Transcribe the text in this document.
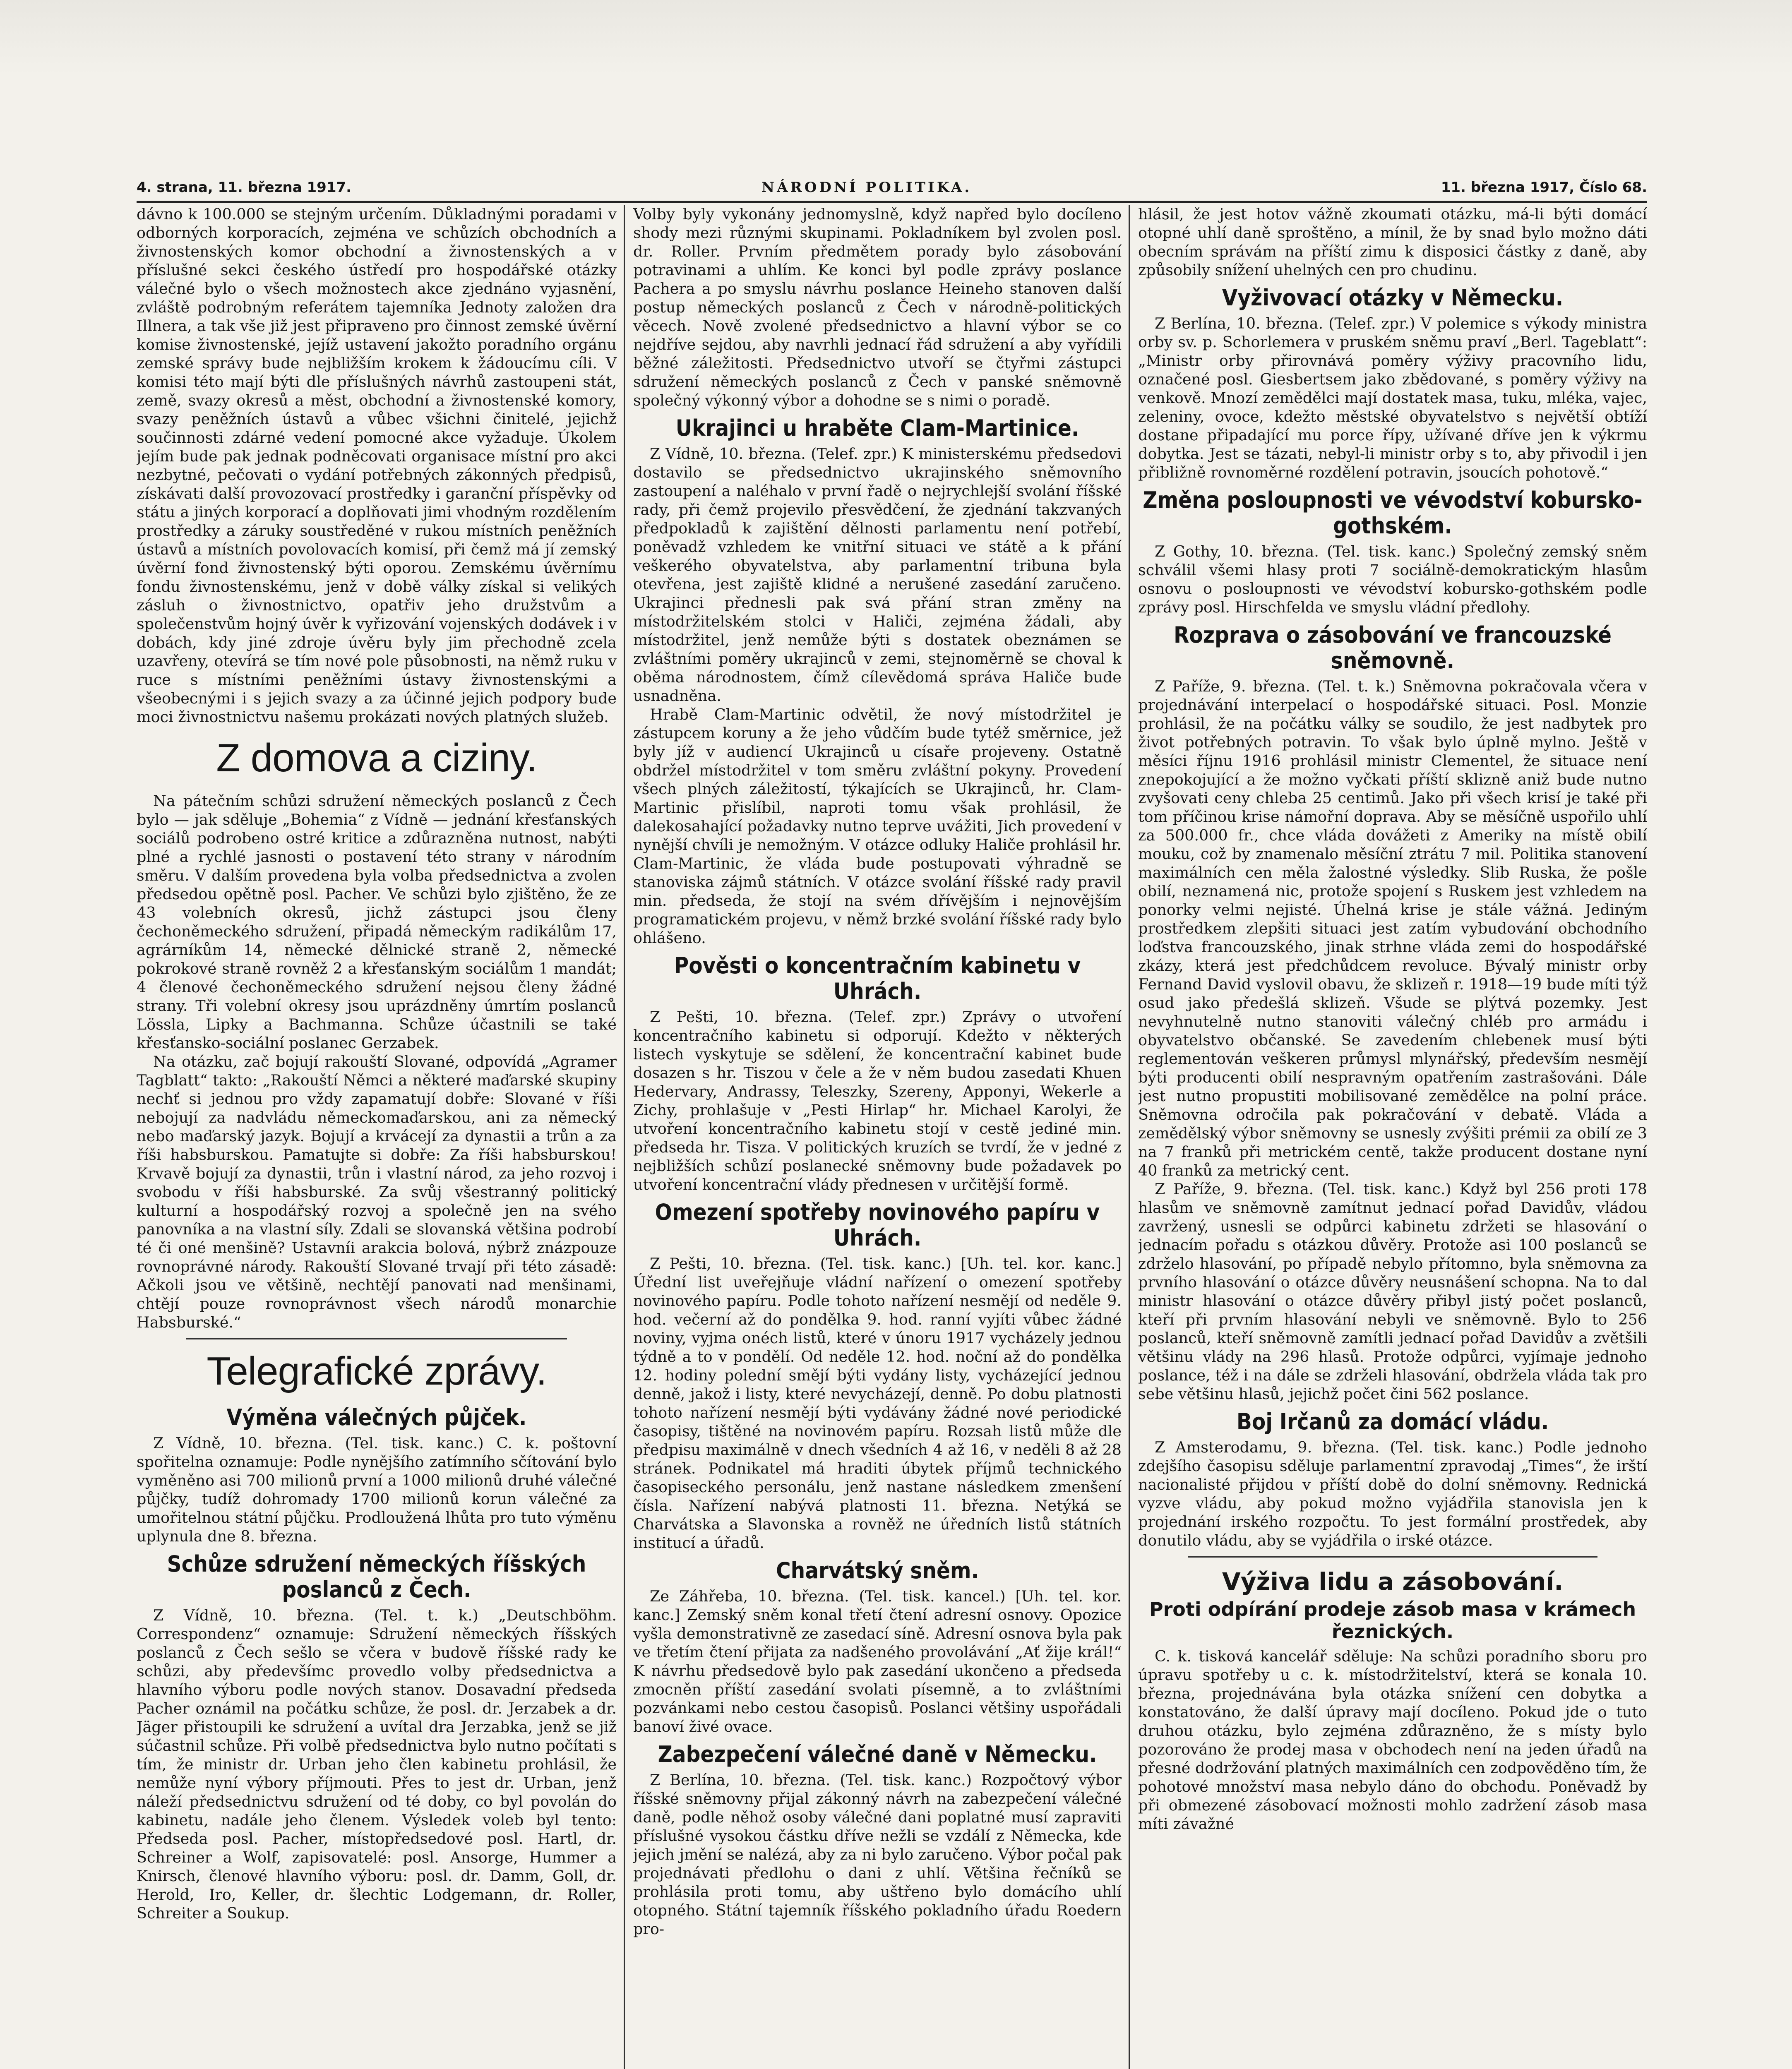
4. strana, 11. března 1917.	NÁRODNÍ POLITIKA.	11. března 1917, Číslo 68.

dávno k 100.000 se stejným určením. Důkladnými poradami v odborných korporacích, zejména ve schůzích obchodních a živnostenských komor obchodní a živnostenských a v příslušné sekci českého ústředí pro hospodářské otázky válečné bylo o všech možnostech akce zjednáno vyjasnění, zvláště podrobným referátem tajemníka Jednoty založen dra Illnera, a tak vše již jest připraveno pro činnost zemské úvěrní komise živnostenské, jejíž ustavení jakožto poradního orgánu zemské správy bude nejbližším krokem k žádoucímu cíli. V komisi této mají býti dle příslušných návrhů zastoupeni stát, země, svazy okresů a měst, obchodní a živnostenské komory, svazy peněžních ústavů a vůbec všichni činitelé, jejichž součinnosti zdárné vedení pomocné akce vyžaduje. Úkolem jejím bude pak jednak podněcovati organisace místní pro akci nezbytné, pečovati o vydání potřebných zákonných předpisů, získávati další provozovací prostředky i garanční příspěvky od státu a jiných korporací a doplňovati jimi vhodným rozdělením prostředky a záruky soustředěné v rukou místních peněžních ústavů a místních povolovacích komisí, při čemž má jí zemský úvěrní fond živnostenský býti oporou. Zemskému úvěrnímu fondu živnostenskému, jenž v době války získal si velikých zásluh o živnostnictvo, opatřiv jeho družstvům a společenstvům hojný úvěr k vyřizování vojenských dodávek i v dobách, kdy jiné zdroje úvěru byly jim přechodně zcela uzavřeny, otevírá se tím nové pole působnosti, na němž ruku v ruce s místními peněžními ústavy živnostenskými a všeobecnými i s jejich svazy a za účinné jejich podpory bude moci živnostnictvu našemu prokázati nových platných služeb.

Z domova a ciziny.

Na pátečním schůzi sdružení německých poslanců z Čech bylo — jak sděluje „Bohemia“ z Vídně — jednání křesťanských sociálů podrobeno ostré kritice a zdůrazněna nutnost, nabýti plné a rychlé jasnosti o postavení této strany v národním směru. V dalším provedena byla volba předsednictva a zvolen předsedou opětně posl. Pacher. Ve schůzi bylo zjištěno, že ze 43 volebních okresů, jichž zástupci jsou členy čechoněmeckého sdružení, připadá německým radikálům 17, agrárníkům 14, německé dělnické straně 2, německé pokrokové straně rovněž 2 a křesťanským sociálům 1 mandát; 4 členové čechoněmeckého sdružení nejsou členy žádné strany. Tři volební okresy jsou uprázdněny úmrtím poslanců Lössla, Lipky a Bachmanna. Schůze účastnili se také křesťansko-sociální poslanec Gerzabek.

Na otázku, zač bojují rakouští Slované, odpovídá „Agramer Tagblatt“ takto: „Rakouští Němci a některé maďarské skupiny nechť si jednou pro vždy zapamatují dobře: Slované v říši nebojují za nadvládu německomaďarskou, ani za německý nebo maďarský jazyk. Bojují a krvácejí za dynastii a trůn a za říši habsburskou. Pamatujte si dobře: Za říši habsburskou! Krvavě bojují za dynastii, trůn i vlastní národ, za jeho rozvoj i svobodu v říši habsburské. Za svůj všestranný politický kulturní a hospodářský rozvoj a společně jen na svého panovníka a na vlastní síly. Zdali se slovanská většina podrobí té či oné menšině? Ustavníi arakcia bolová, nýbrž znázpouze rovnoprávné národy. Rakouští Slované trvají při této zásadě: Ačkoli jsou ve většině, nechtějí panovati nad menšinami, chtějí pouze rovnoprávnost všech národů monarchie Habsburské.“

Telegrafické zprávy.
Výměna válečných půjček.

Z Vídně, 10. března. (Tel. tisk. kanc.) C. k. poštovní spořitelna oznamuje: Podle nynějšího zatímního sčítování bylo vyměněno asi 700 milionů první a 1000 milionů druhé válečné půjčky, tudíž dohromady 1700 milionů korun válečné za umořitelnou státní půjčku. Prodloužená lhůta pro tuto výměnu uplynula dne 8. března.

Schůze sdružení německých říšských poslanců z Čech.

Z Vídně, 10. března. (Tel. t. k.) „Deutschböhm. Correspondenz“ oznamuje: Sdružení německých říšských poslanců z Čech sešlo se včera v budově říšské rady ke schůzi, aby předevšímc provedlo volby předsednictva a hlavního výboru podle nových stanov. Dosavadní předseda Pacher oznámil na počátku schůze, že posl. dr. Jerzabek a dr. Jäger přistoupili ke sdružení a uvítal dra Jerzabka, jenž se již súčastnil schůze. Při volbě předsednictva bylo nutno počítati s tím, že ministr dr. Urban jeho člen kabinetu prohlásil, že nemůže nyní výbory příjmouti. Přes to jest dr. Urban, jenž náleží předsednictvu sdružení od té doby, co byl povolán do kabinetu, nadále jeho členem. Výsledek voleb byl tento: Předseda posl. Pacher, místopředsedové posl. Hartl, dr. Schreiner a Wolf, zapisovatelé: posl. Ansorge, Hummer a Knirsch, členové hlavního výboru: posl. dr. Damm, Goll, dr. Herold, Iro, Keller, dr. šlechtic Lodgemann, dr. Roller, Schreiter a Soukup.

Volby byly vykonány jednomyslně, když napřed bylo docíleno shody mezi různými skupinami. Pokladníkem byl zvolen posl. dr. Roller. Prvním předmětem porady bylo zásobování potravinami a uhlím. Ke konci byl podle zprávy poslance Pachera a po smyslu návrhu poslance Heineho stanoven další postup německých poslanců z Čech v národně-politických věcech. Nově zvolené předsednictvo a hlavní výbor se co nejdříve sejdou, aby navrhli jednací řád sdružení a aby vyřídili běžné záležitosti. Předsednictvo utvoří se čtyřmi zástupci sdružení německých poslanců z Čech v panské sněmovně společný výkonný výbor a dohodne se s nimi o poradě.

Ukrajinci u hraběte Clam-Martinice.

Z Vídně, 10. března. (Telef. zpr.) K ministerskému předsedovi dostavilo se předsednictvo ukrajinského sněmovního zastoupení a naléhalo v první řadě o nejrychlejší svolání říšské rady, při čemž projevilo přesvědčení, že zjednání takzvaných předpokladů k zajištění dělnosti parlamentu není potřebí, poněvadž vzhledem ke vnitřní situaci ve státě a k přání veškerého obyvatelstva, aby parlamentní tribuna byla otevřena, jest zajiště klidné a nerušené zasedání zaručeno. Ukrajinci přednesli pak svá přání stran změny na místodržitelském stolci v Haliči, zejména žádali, aby místodržitel, jenž nemůže býti s dostatek obeznámen se zvláštními poměry ukrajinců v zemi, stejnoměrně se choval k oběma národnostem, čímž cílevědomá správa Haliče bude usnadněna.

Hrabě Clam-Martinic odvětil, že nový místodržitel je zástupcem koruny a že jeho vůdčím bude tytéž směrnice, jež byly jíž v audiencí Ukrajinců u císaře projeveny. Ostatně obdržel místodržitel v tom směru zvláštní pokyny. Provedení všech plných záležitostí, týkajících se Ukrajinců, hr. Clam-Martinic přislíbil, naproti tomu však prohlásil, že dalekosahající požadavky nutno teprve uvážiti, Jich provedení v nynější chvíli je nemožným. V otázce odluky Haliče prohlásil hr. Clam-Martinic, že vláda bude postupovati výhradně se stanoviska zájmů státních. V otázce svolání říšské rady pravil min. předseda, že stojí na svém dřívějším i nejnovějším programatickém projevu, v němž brzké svolání říšské rady bylo ohlášeno.

Pověsti o koncentračním kabinetu v Uhrách.

Z Pešti, 10. března. (Telef. zpr.) Zprávy o utvoření koncentračního kabinetu si odporují. Kdežto v některých listech vyskytuje se sdělení, že koncentrační kabinet bude dosazen s hr. Tiszou v čele a že v něm budou zasedati Khuen Hedervary, Andrassy, Teleszky, Szereny, Apponyi, Wekerle a Zichy, prohlašuje v „Pesti Hirlap“ hr. Michael Karolyi, že utvoření koncentračního kabinetu stojí v cestě jediné min. předseda hr. Tisza. V politických kruzích se tvrdí, že v jedné z nejbližších schůzí poslanecké sněmovny bude požadavek po utvoření koncentrační vlády přednesen v určitější formě.

Omezení spotřeby novinového papíru v Uhrách.

Z Pešti, 10. března. (Tel. tisk. kanc.) [Uh. tel. kor. kanc.] Úřední list uveřejňuje vládní nařízení o omezení spotřeby novinového papíru. Podle tohoto nařízení nesmějí od neděle 9. hod. večerní až do pondělka 9. hod. ranní vyjíti vůbec žádné noviny, vyjma onéch listů, které v únoru 1917 vycházely jednou týdně a to v pondělí. Od neděle 12. hod. noční až do pondělka 12. hodiny polední smějí býti vydány listy, vycházející jednou denně, jakož i listy, které nevycházejí, denně. Po dobu platnosti tohoto nařízení nesmějí býti vydávány žádné nové periodické časopisy, tištěné na novinovém papíru. Rozsah listů může dle předpisu maximálně v dnech všedních 4 až 16, v neděli 8 až 28 stránek. Podnikatel má hraditi úbytek příjmů technického časopiseckého personálu, jenž nastane následkem zmenšení čísla. Nařízení nabývá platnosti 11. března. Netýká se Charvátska a Slavonska a rovněž ne úředních listů státních institucí a úřadů.

Charvátský sněm.

Ze Záhřeba, 10. března. (Tel. tisk. kancel.) [Uh. tel. kor. kanc.] Zemský sněm konal třetí čtení adresní osnovy. Opozice vyšla demonstrativně ze zasedací síně. Adresní osnova byla pak ve třetím čtení přijata za nadšeného provolávání „Ať žije král!“ K návrhu předsedově bylo pak zasedání ukončeno a předseda zmocněn příští zasedání svolati písemně, a to zvláštními pozvánkami nebo cestou časopisů. Poslanci většiny uspořádali banoví živé ovace.

Zabezpečení válečné daně v Německu.

Z Berlína, 10. března. (Tel. tisk. kanc.) Rozpočtový výbor říšské sněmovny přijal zákonný návrh na zabezpečení válečné daně, podle něhož osoby válečné dani poplatné musí zapraviti příslušné vysokou částku dříve nežli se vzdálí z Německa, kde jejich jmění se nalézá, aby za ni bylo zaručeno. Výbor počal pak projednávati předlohu o dani z uhlí. Většina řečníků se prohlásila proti tomu, aby uštřeno bylo domácího uhlí otopného. Státní tajemník říšského pokladního úřadu Roedern pro-

hlásil, že jest hotov vážně zkoumati otázku, má-li býti domácí otopné uhlí daně sproštěno, a mínil, že by snad bylo možno dáti obecním správám na příští zimu k disposici částky z daně, aby způsobily snížení uhelných cen pro chudinu.

Vyživovací otázky v Německu.

Z Berlína, 10. března. (Telef. zpr.) V polemice s výkody ministra orby sv. p. Schorlemera v pruském sněmu praví „Berl. Tageblatt“: „Ministr orby přirovnává poměry výživy pracovního lidu, označené posl. Giesbertsem jako zbědované, s poměry výživy na venkově. Mnozí zemědělci mají dostatek masa, tuku, mléka, vajec, zeleniny, ovoce, kdežto městské obyvatelstvo s největší obtíží dostane připadající mu porce řípy, užívané dříve jen k výkrmu dobytka. Jest se tázati, nebyl-li ministr orby s to, aby přivodil i jen přibližně rovnoměrné rozdělení potravin, jsoucích pohotově.“

Změna posloupnosti ve vévodství kobursko-gothském.

Z Gothy, 10. března. (Tel. tisk. kanc.) Společný zemský sněm schválil všemi hlasy proti 7 sociálně-demokratickým hlasům osnovu o posloupnosti ve vévodství kobursko-gothském podle zprávy posl. Hirschfelda ve smyslu vládní předlohy.

Rozprava o zásobování ve francouzské sněmovně.

Z Paříže, 9. března. (Tel. t. k.) Sněmovna pokračovala včera v projednávání interpelací o hospodářské situaci. Posl. Monzie prohlásil, že na počátku války se soudilo, že jest nadbytek pro život potřebných potravin. To však bylo úplně mylno. Ještě v měsíci říjnu 1916 prohlásil ministr Clementel, že situace není znepokojující a že možno vyčkati příští sklizně aniž bude nutno zvyšovati ceny chleba 25 centimů. Jako při všech krisí je také při tom příčinou krise námořní doprava. Aby se měsíčně uspořilo uhlí za 500.000 fr., chce vláda dovážeti z Ameriky na místě obilí mouku, což by znamenalo měsíční ztrátu 7 mil. Politika stanovení maximálních cen měla žalostné výsledky. Slib Ruska, že pošle obilí, neznamená nic, protože spojení s Ruskem jest vzhledem na ponorky velmi nejisté. Úhelná krise je stále vážná. Jediným prostředkem zlepšiti situaci jest zatím vybudování obchodního loďstva francouzského, jinak strhne vláda zemi do hospodářské zkázy, která jest předchůdcem revoluce. Bývalý ministr orby Fernand David vyslovil obavu, že sklizeň r. 1918—19 bude míti týž osud jako předešlá sklizeň. Všude se plýtvá pozemky. Jest nevyhnutelně nutno stanoviti válečný chléb pro armádu i obyvatelstvo občanské. Se zavedením chlebenek musí býti reglementován veškeren průmysl mlynářský, především nesmějí býti producenti obilí nespravným opatřením zastrašováni. Dále jest nutno propustiti mobilisované zemědělce na polní práce. Sněmovna odročila pak pokračování v debatě. Vláda a zemědělský výbor sněmovny se usnesly zvýšiti prémii za obilí ze 3 na 7 franků při metrickém centě, takže producent dostane nyní 40 franků za metrický cent.

Z Paříže, 9. března. (Tel. tisk. kanc.) Když byl 256 proti 178 hlasům ve sněmovně zamítnut jednací pořad Davidův, vládou zavržený, usnesli se odpůrci kabinetu zdržeti se hlasování o jednacím pořadu s otázkou důvěry. Protože asi 100 poslanců se zdrželo hlasování, po případě nebylo přítomno, byla sněmovna za prvního hlasování o otázce důvěry neusnášení schopna. Na to dal ministr hlasování o otázce důvěry přibyl jistý počet poslanců, kteří při prvním hlasování nebyli ve sněmovně. Bylo to 256 poslanců, kteří sněmovně zamítli jednací pořad Davidův a zvětšili většinu vlády na 296 hlasů. Protože odpůrci, vyjímaje jednoho poslance, též i na dále se zdrželi hlasování, obdržela vláda tak pro sebe většinu hlasů, jejichž počet čini 562 poslance.

Boj Irčanů za domácí vládu.

Z Amsterodamu, 9. března. (Tel. tisk. kanc.) Podle jednoho zdejšího časopisu sděluje parlamentní zpravodaj „Times“, že irští nacionalisté přijdou v příští době do dolní sněmovny. Rednická vyzve vládu, aby pokud možno vyjádřila stanovisla jen k projednání irského rozpočtu. To jest formální prostředek, aby donutilo vládu, aby se vyjádřila o irské otázce.

Výživa lidu a zásobování.
Proti odpírání prodeje zásob masa v krámech řeznických.

C. k. tisková kancelář sděluje: Na schůzi poradního sboru pro úpravu spotřeby u c. k. místodržitelství, která se konala 10. března, projednávána byla otázka snížení cen dobytka a konstatováno, že další úpravy mají docíleno. Pokud jde o tuto druhou otázku, bylo zejména zdůrazněno, že s místy bylo pozorováno že prodej masa v obchodech není na jeden úřadů na přesné dodržování platných maximálních cen zodpověděno tím, že pohotové množství masa nebylo dáno do obchodu. Poněvadž by při obmezené zásobovací možnosti mohlo zadržení zásob masa míti závažné
